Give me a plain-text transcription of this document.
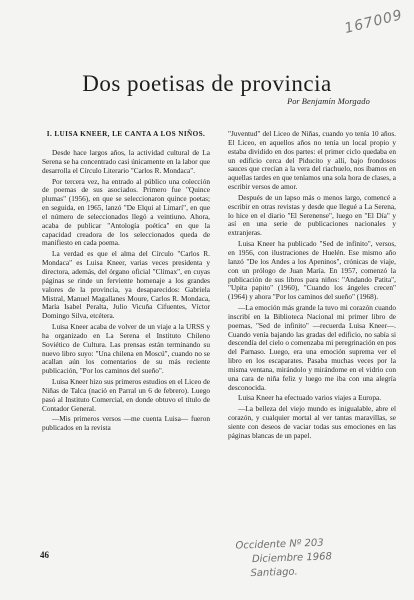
167009
Dos poetisas de provincia
Por Benjamín Morgado
I. LUISA KNEER, LE CANTA A LOS NIÑOS.

Desde hace largos años, la actividad cultural de La Serena se ha concentrado casi únicamente en la labor que desarrolla el Círculo Literario "Carlos R. Mondaca".

Por tercera vez, ha entrado al público una colección de poemas de sus asociados. Primero fue "Quince plumas" (1956), en que se seleccionaron quince poetas; en seguida, en 1965, lanzó "De Elqui al Limarí", en que el número de seleccionados llegó a veintiuno. Ahora, acaba de publicar "Antología poética" en que la capacidad creadora de los seleccionados queda de manifiesto en cada poema.

La verdad es que el alma del Círculo "Carlos R. Mondaca" es Luisa Kneer, varias veces presidenta y directora, además, del órgano oficial "Clímax", en cuyas páginas se rinde un ferviente homenaje a los grandes valores de la provincia, ya desaparecidos: Gabriela Mistral, Manuel Magallanes Moure, Carlos R. Mondaca, María Isabel Peralta, Julio Vicuña Cifuentes, Víctor Domingo Silva, etcétera.

Luisa Kneer acaba de volver de un viaje a la URSS y ha organizado en La Serena el Instituto Chileno Soviético de Cultura. Las prensas están terminando su nuevo libro suyo: "Una chilena en Moscú", cuando no se acallan aún los comentarios de su más reciente publicación, "Por los caminos del sueño".

Luisa Kneer hizo sus primeros estudios en el Liceo de Niñas de Talca (nació en Parral un 6 de febrero). Luego pasó al Instituto Comercial, en donde obtuvo el título de Contador General.

—Mis primeros versos —me cuenta Luisa— fueron publicados en la revista

"Juventud" del Liceo de Niñas, cuando yo tenía 10 años. El Liceo, en aquellos años no tenía un local propio y estaba dividido en dos partes: el primer ciclo quedaba en un edificio cerca del Piducito y allí, bajo frondosos sauces que crecían a la vera del riachuelo, nos íbamos en aquellas tardes en que teníamos una sola hora de clases, a escribir versos de amor.

Después de un lapso más o menos largo, comencé a escribir en otras revistas y desde que llegué a La Serena, lo hice en el diario "El Serenense", luego en "El Día" y así en una serie de publicaciones nacionales y extranjeras.

Luisa Kneer ha publicado "Sed de infinito", versos, en 1956, con ilustraciones de Huelén. Ese mismo año lanzó "De los Andes a los Apeninos", crónicas de viaje, con un prólogo de Juan María. En 1957, comenzó la publicación de sus libros para niños: "Andando Patita", "Upita papito" (1960), "Cuando los ángeles crecen" (1964) y ahora "Por los caminos del sueño" (1968).

—La emoción más grande la tuvo mi corazón cuando inscribí en la Biblioteca Nacional mi primer libro de poemas, "Sed de infinito" —recuerda Luisa Kneer—. Cuando venía bajando las gradas del edificio, no sabía si descendía del cielo o comenzaba mi peregrinación en pos del Parnaso. Luego, era una emoción suprema ver el libro en los escaparates. Pasaba muchas veces por la misma ventana, mirándolo y mirándome en el vidrio con una cara de niña feliz y luego me iba con una alegría desconocida.

Luisa Kneer ha efectuado varios viajes a Europa.

—La belleza del viejo mundo es inigualable, abre el corazón, y cualquier mortal al ver tantas maravillas, se siente con deseos de vaciar todas sus emociones en las páginas blancas de un papel.

46
Occidente Nº 203
Diciembre 1968
Santiago.
